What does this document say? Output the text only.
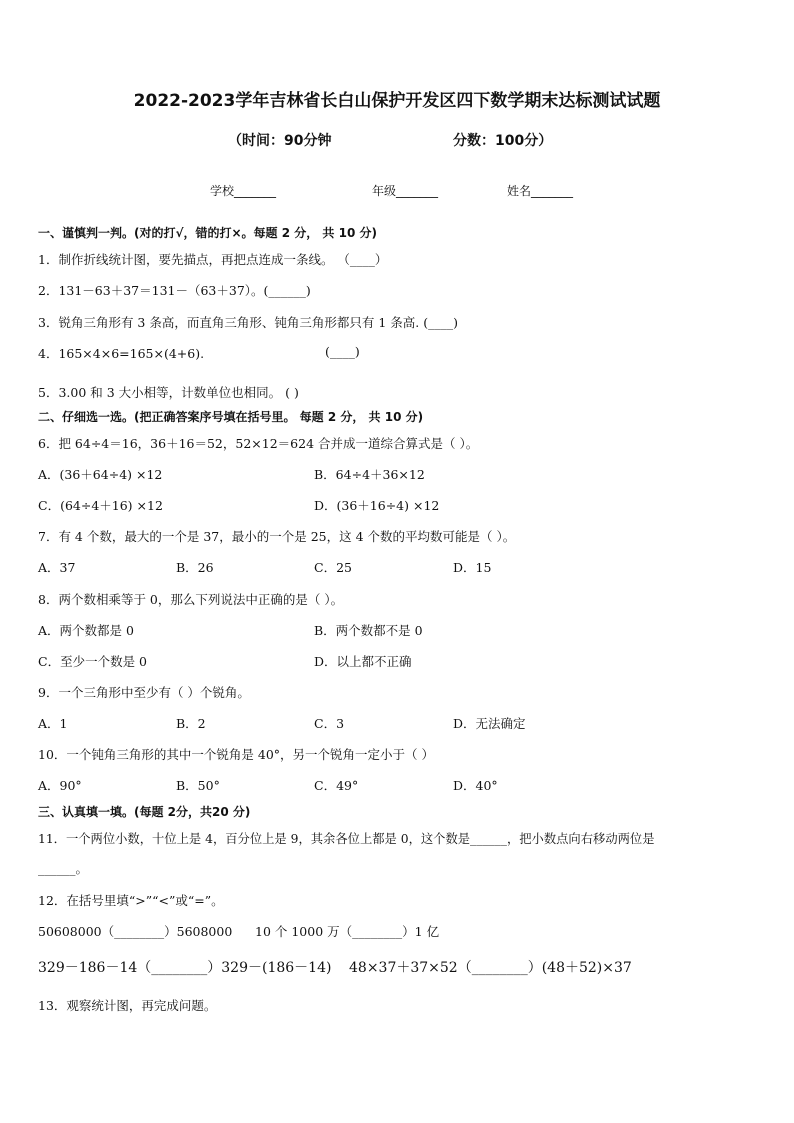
2022-2023学年吉林省长白山保护开发区四下数学期末达标测试试题
（时间：90分钟	分数：100分）
学校_______	年级_______	姓名_______
一、谨慎判一判。(对的打√，错的打×。每题 2 分， 共 10 分)
1．制作折线统计图，要先描点，再把点连成一条线。 （____）
2．131－63＋37＝131－（63＋37）。(______)
3．锐角三角形有 3 条高，而直角三角形、钝角三角形都只有 1 条高. (____)
4．165×4×6=165×(4+6).	(____)
5．3.00 和 3 大小相等，计数单位也相同。 ( )
二、仔细选一选。(把正确答案序号填在括号里。 每题 2 分， 共 10 分)
6．把 64÷4＝16，36＋16＝52，52×12＝624 合并成一道综合算式是（ ）。
A．(36＋64÷4) ×12	B．64÷4＋36×12
C．(64÷4＋16) ×12	D．(36＋16÷4) ×12
7．有 4 个数，最大的一个是 37，最小的一个是 25，这 4 个数的平均数可能是（ ）。
A．37	B．26	C．25	D．15
8．两个数相乘等于 0，那么下列说法中正确的是（ ）。
A．两个数都是 0	B．两个数都不是 0
C．至少一个数是 0	D．以上都不正确
9．一个三角形中至少有（ ）个锐角。
A．1	B．2	C．3	D．无法确定
10．一个钝角三角形的其中一个锐角是 40°，另一个锐角一定小于（ ）
A．90°	B．50°	C．49°	D．40°
三、认真填一填。(每题 2分，共20 分)
11．一个两位小数，十位上是 4，百分位上是 9，其余各位上都是 0，这个数是______，把小数点向右移动两位是
______。
12．在括号里填“>”“<”或“=”。
50608000（________）5608000 10 个 1000 万（________）1 亿
329－186－14（________）329－(186－14) 48×37＋37×52（________）(48＋52)×37
13．观察统计图，再完成问题。
